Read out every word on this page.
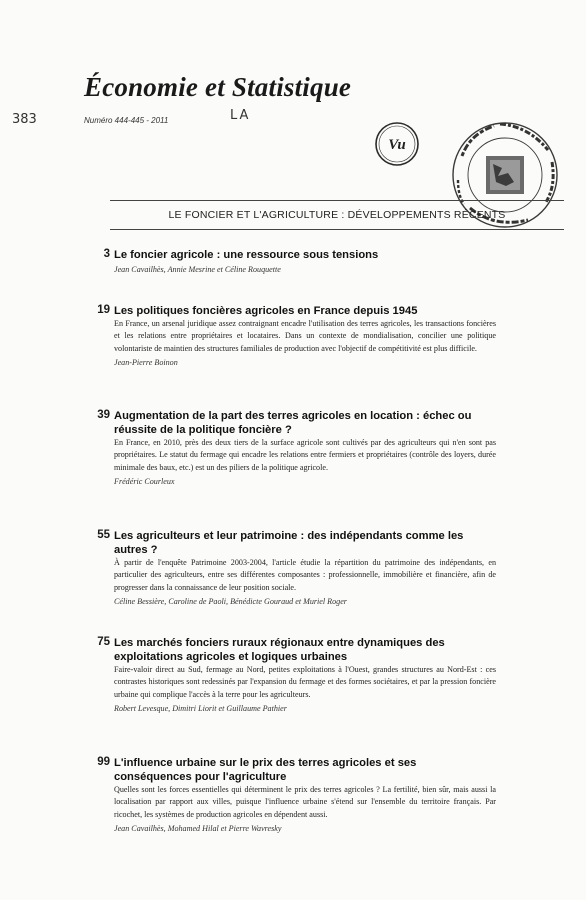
383
Économie et Statistique
Numéro 444-445 - 2011	LA
Vu
LE FONCIER ET L'AGRICULTURE : DÉVELOPPEMENTS RÉCENTS
3 Le foncier agricole : une ressource sous tensions
Jean Cavailhès, Annie Mesrine et Céline Rouquette
19 Les politiques foncières agricoles en France depuis 1945
En France, un arsenal juridique assez contraignant encadre l'utilisation des terres agricoles, les transactions foncières et les relations entre propriétaires et locataires. Dans un contexte de mondialisation, concilier une politique volontariste de maintien des structures familiales de production avec l'objectif de compétitivité est plus difficile.
Jean-Pierre Boinon
39 Augmentation de la part des terres agricoles en location : échec ou réussite de la politique foncière ?
En France, en 2010, près des deux tiers de la surface agricole sont cultivés par des agriculteurs qui n'en sont pas propriétaires. Le statut du fermage qui encadre les relations entre fermiers et propriétaires (contrôle des loyers, durée minimale des baux, etc.) est un des piliers de la politique agricole.
Frédéric Courleux
55 Les agriculteurs et leur patrimoine : des indépendants comme les autres ?
À partir de l'enquête Patrimoine 2003-2004, l'article étudie la répartition du patrimoine des indépendants, en particulier des agriculteurs, entre ses différentes composantes : professionnelle, immobilière et financière, afin de progresser dans la connaissance de leur position sociale.
Céline Bessière, Caroline de Paoli, Bénédicte Gouraud et Muriel Roger
75 Les marchés fonciers ruraux régionaux entre dynamiques des exploitations agricoles et logiques urbaines
Faire-valoir direct au Sud, fermage au Nord, petites exploitations à l'Ouest, grandes structures au Nord-Est : ces contrastes historiques sont redessinés par l'expansion du fermage et des formes sociétaires, et par la pression foncière urbaine qui complique l'accès à la terre pour les agriculteurs.
Robert Levesque, Dimitri Liorit et Guillaume Pathier
99 L'influence urbaine sur le prix des terres agricoles et ses conséquences pour l'agriculture
Quelles sont les forces essentielles qui déterminent le prix des terres agricoles ? La fertilité, bien sûr, mais aussi la localisation par rapport aux villes, puisque l'influence urbaine s'étend sur l'ensemble du territoire français. Par ricochet, les systèmes de production agricoles en dépendent aussi.
Jean Cavailhès, Mohamed Hilal et Pierre Wavresky
